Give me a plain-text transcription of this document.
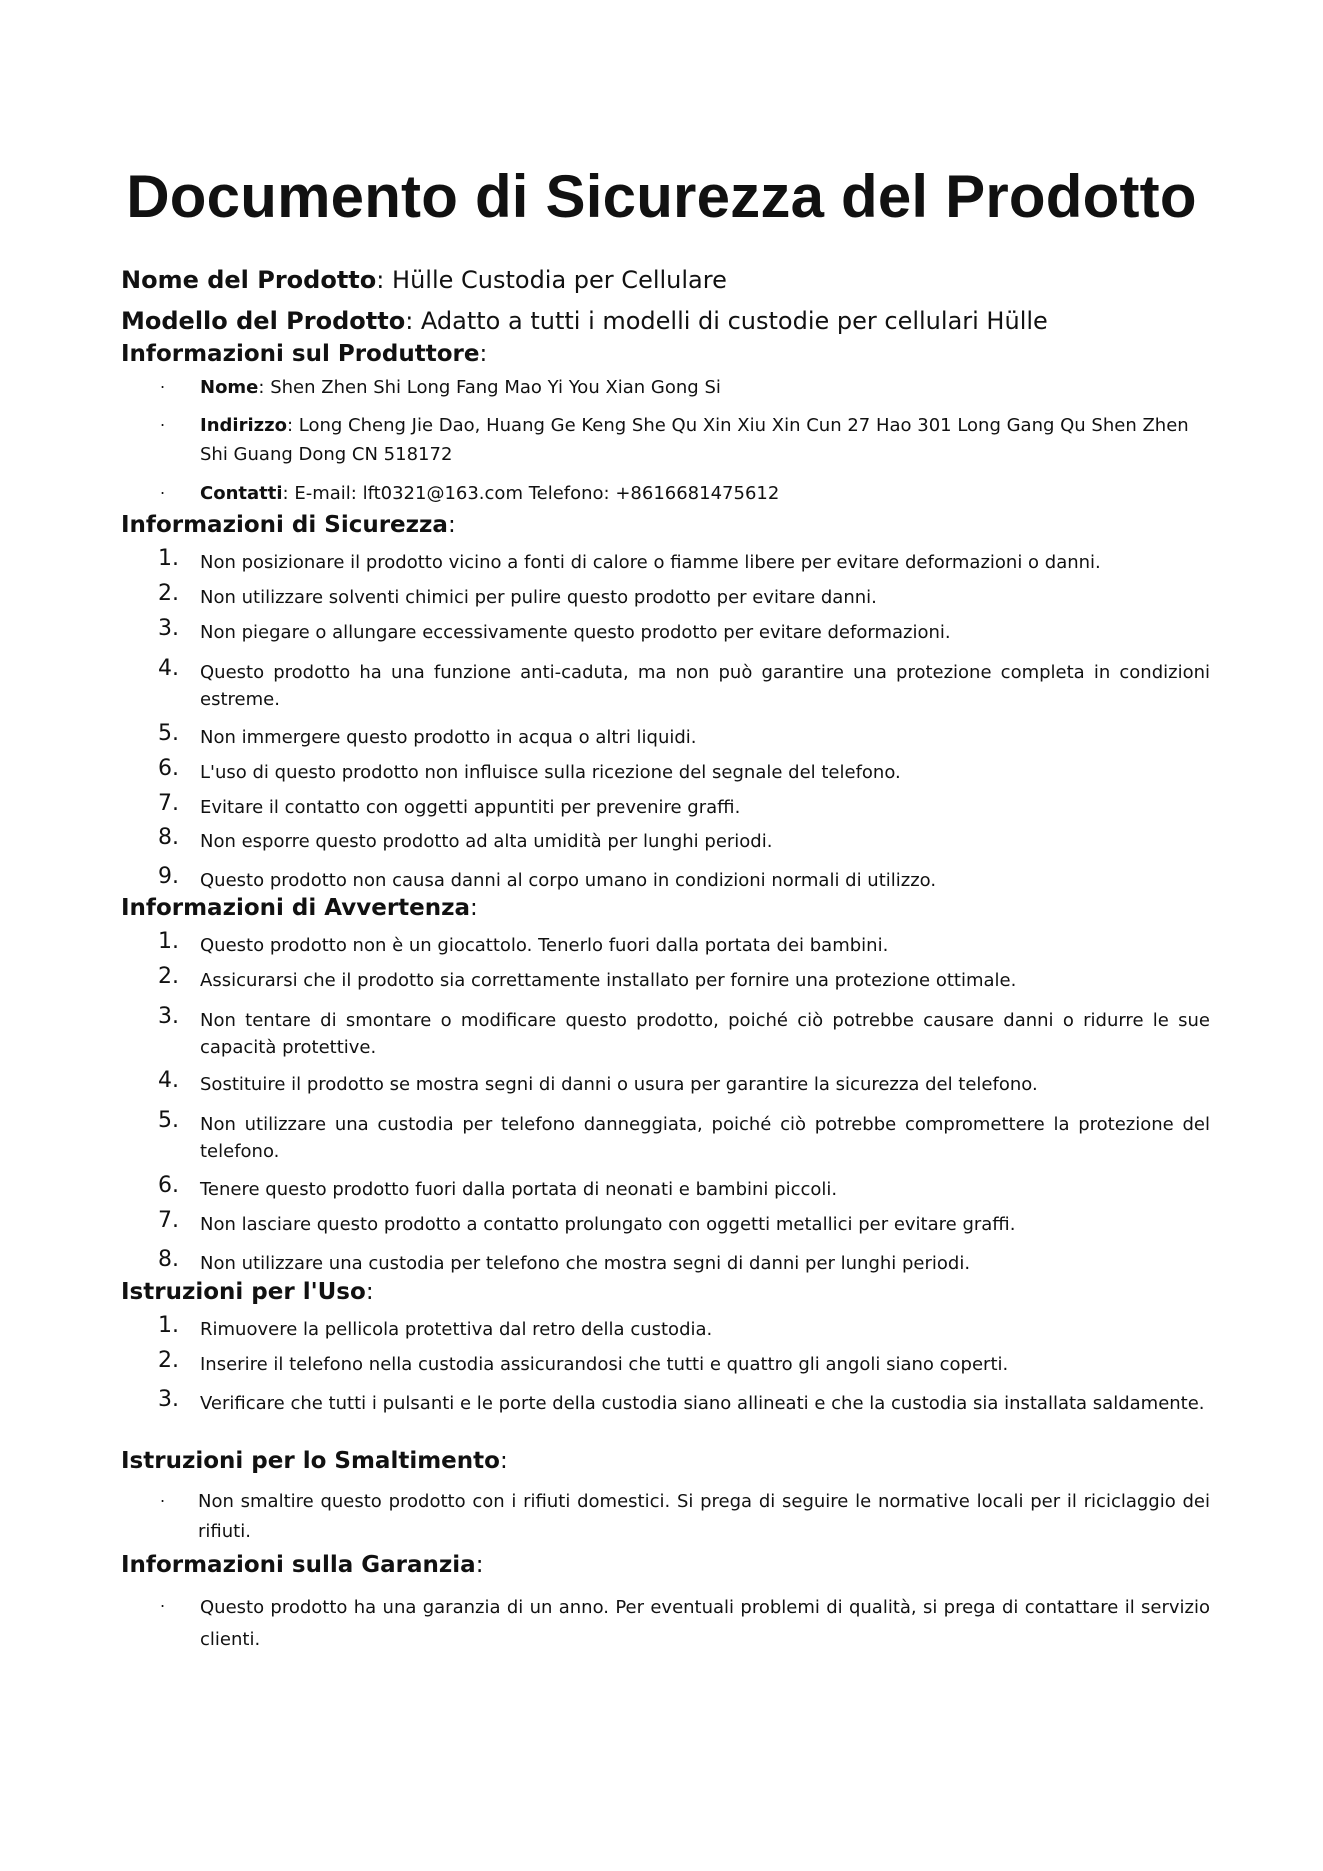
Documento di Sicurezza del Prodotto
Nome del Prodotto: Hülle Custodia per Cellulare
Modello del Prodotto: Adatto a tutti i modelli di custodie per cellulari Hülle
Informazioni sul Produttore:
. Nome: Shen Zhen Shi Long Fang Mao Yi You Xian Gong Si
. Indirizzo: Long Cheng Jie Dao, Huang Ge Keng She Qu Xin Xiu Xin Cun 27 Hao 301 Long Gang Qu Shen Zhen Shi Guang Dong CN 518172
. Contatti: E-mail: lft0321@163.com Telefono: +8616681475612
Informazioni di Sicurezza:
1.	Non posizionare il prodotto vicino a fonti di calore o fiamme libere per evitare deformazioni o danni.
2.	Non utilizzare solventi chimici per pulire questo prodotto per evitare danni.
3.	Non piegare o allungare eccessivamente questo prodotto per evitare deformazioni.
4.	Questo prodotto ha una funzione anti-caduta, ma non può garantire una protezione completa in condizioni estreme.
5.	Non immergere questo prodotto in acqua o altri liquidi.
6.	L'uso di questo prodotto non influisce sulla ricezione del segnale del telefono.
7.	Evitare il contatto con oggetti appuntiti per prevenire graffi.
8.	Non esporre questo prodotto ad alta umidità per lunghi periodi.
9.	Questo prodotto non causa danni al corpo umano in condizioni normali di utilizzo.
Informazioni di Avvertenza:
1.	Questo prodotto non è un giocattolo. Tenerlo fuori dalla portata dei bambini.
2.	Assicurarsi che il prodotto sia correttamente installato per fornire una protezione ottimale.
3.	Non tentare di smontare o modificare questo prodotto, poiché ciò potrebbe causare danni o ridurre le sue capacità protettive.
4.	Sostituire il prodotto se mostra segni di danni o usura per garantire la sicurezza del telefono.
5.	Non utilizzare una custodia per telefono danneggiata, poiché ciò potrebbe compromettere la protezione del telefono.
6.	Tenere questo prodotto fuori dalla portata di neonati e bambini piccoli.
7.	Non lasciare questo prodotto a contatto prolungato con oggetti metallici per evitare graffi.
8.	Non utilizzare una custodia per telefono che mostra segni di danni per lunghi periodi.
Istruzioni per l'Uso:
1.	Rimuovere la pellicola protettiva dal retro della custodia.
2.	Inserire il telefono nella custodia assicurandosi che tutti e quattro gli angoli siano coperti.
3.	Verificare che tutti i pulsanti e le porte della custodia siano allineati e che la custodia sia installata saldamente.
Istruzioni per lo Smaltimento:
. Non smaltire questo prodotto con i rifiuti domestici. Si prega di seguire le normative locali per il riciclaggio dei rifiuti.
Informazioni sulla Garanzia:
. Questo prodotto ha una garanzia di un anno. Per eventuali problemi di qualità, si prega di contattare il servizio clienti.
